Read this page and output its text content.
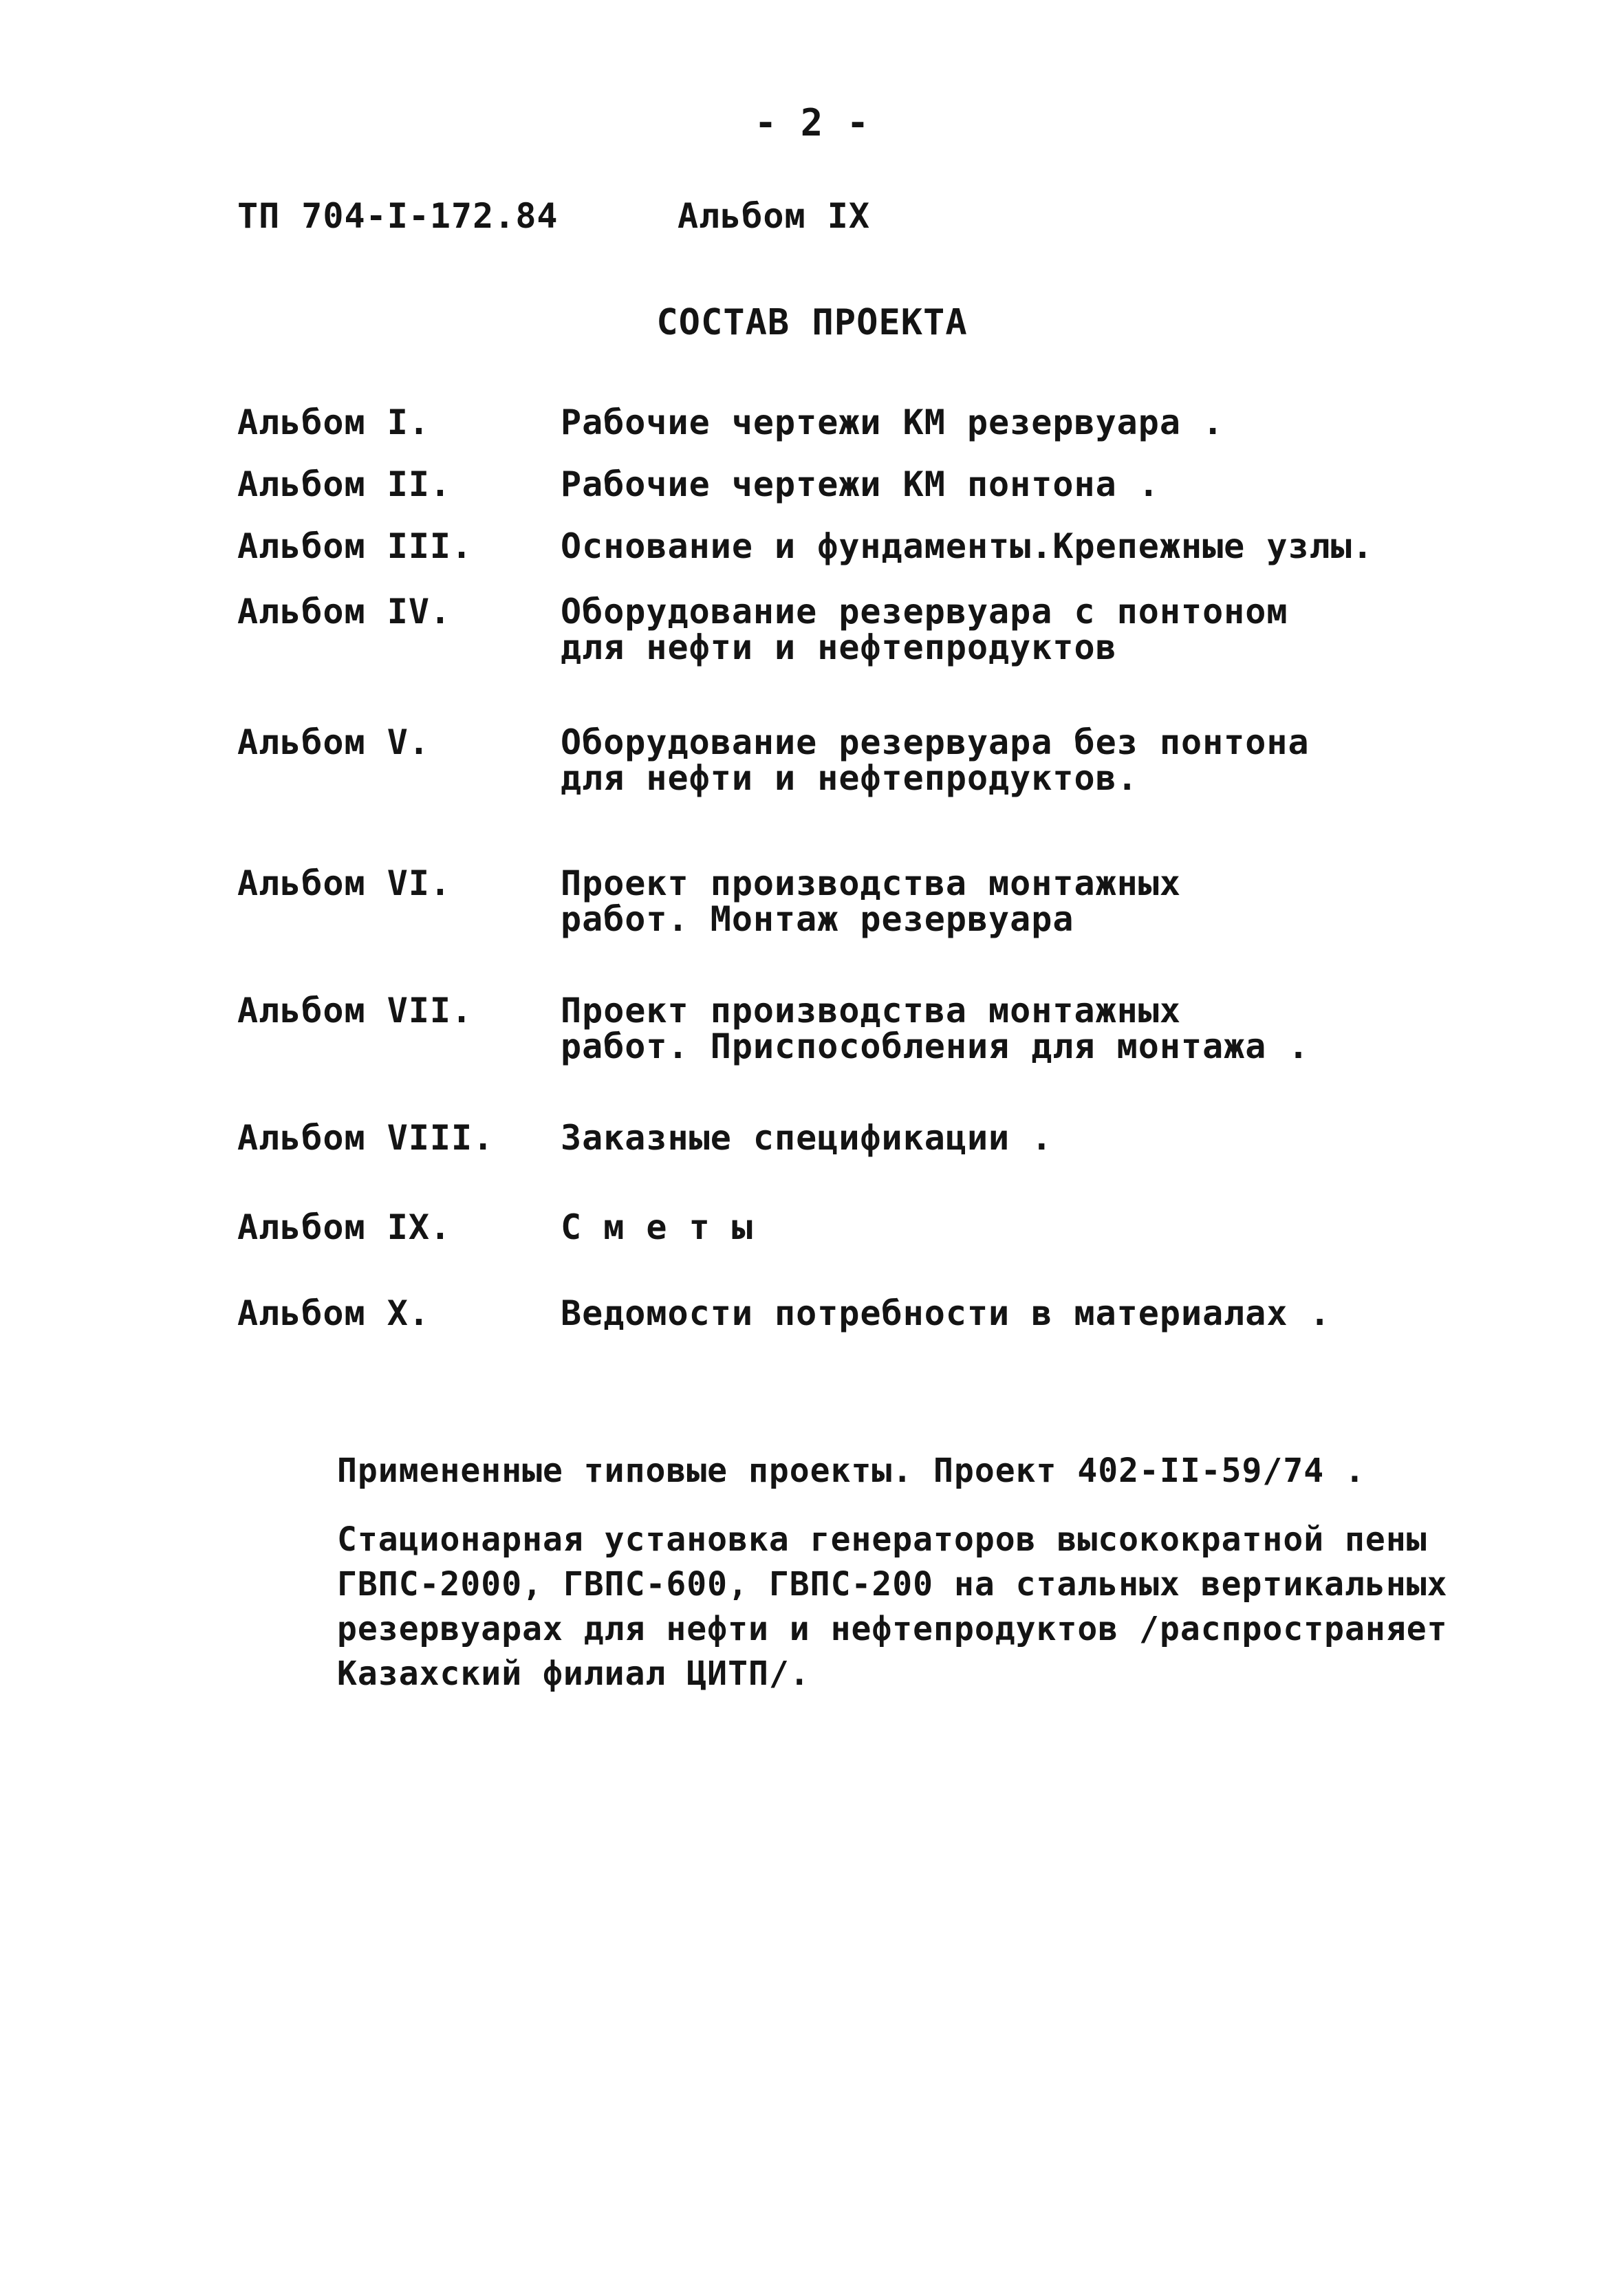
- 2 -
ТП 704-I-172.84	Альбом IX
СОСТАВ ПРОЕКТА
Альбом I.	Рабочие чертежи КМ резервуара .
Альбом II.	Рабочие чертежи КМ понтона .
Альбом III.	Основание и фундаменты.Крепежные узлы.
Альбом IV.	Оборудование резервуара с понтоном
для нефти и нефтепродуктов
Альбом V.	Оборудование резервуара без понтона
для нефти и нефтепродуктов.
Альбом VI.	Проект производства монтажных
работ. Монтаж резервуара
Альбом VII.	Проект производства монтажных
работ. Приспособления для монтажа .
Альбом VIII. Заказные спецификации .
Альбом IX.	С м е т ы
Альбом X.	Ведомости потребности в материалах .
Примененные типовые проекты. Проект 402-II-59/74 .
Стационарная установка генераторов высокократной пены
ГВПС-2000, ГВПС-600, ГВПС-200 на стальных вертикальных
резервуарах для нефти и нефтепродуктов /распространяет
Казахский филиал ЦИТП/.
